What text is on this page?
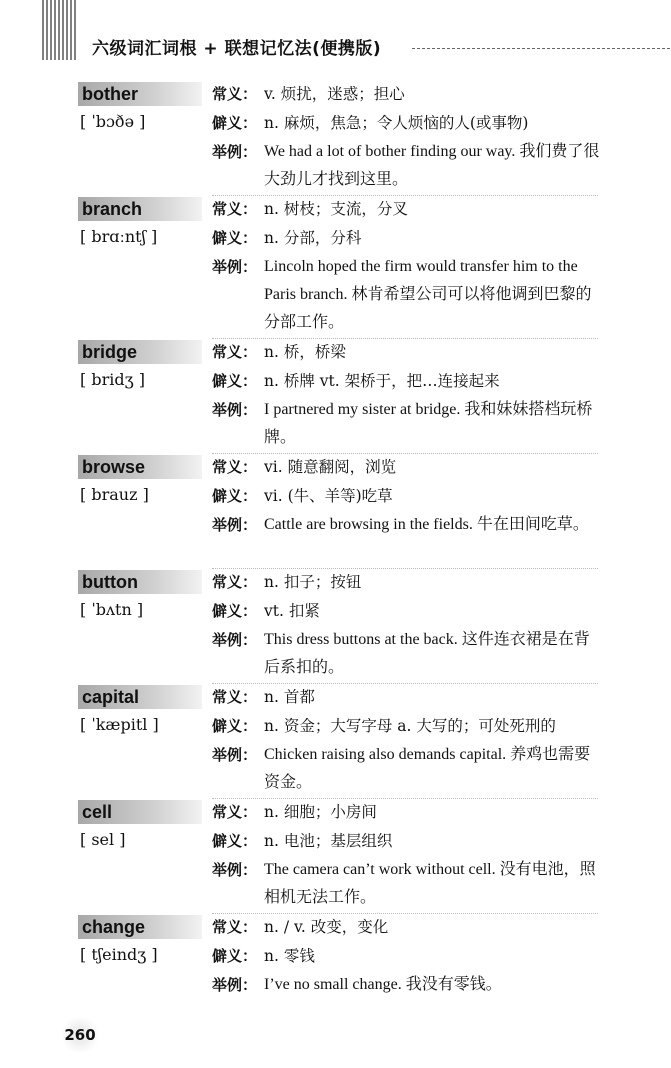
六级词汇词根 + 联想记忆法(便携版)
bother
[ ˈbɔðə ]
常义： v. 烦扰，迷惑；担心
僻义： n. 麻烦，焦急；令人烦恼的人(或事物)
举例： We had a lot of bother finding our way. 我们费了很大劲儿才找到这里。
branch
[ brɑːntʃ ]
常义： n. 树枝；支流，分叉
僻义： n. 分部，分科
举例： Lincoln hoped the firm would transfer him to the Paris branch. 林肯希望公司可以将他调到巴黎的分部工作。
bridge
[ bridʒ ]
常义： n. 桥，桥梁
僻义： n. 桥牌 vt. 架桥于，把…连接起来
举例： I partnered my sister at bridge. 我和妹妹搭档玩桥牌。
browse
[ brauz ]
常义： vi. 随意翻阅，浏览
僻义： vi. (牛、羊等)吃草
举例： Cattle are browsing in the fields. 牛在田间吃草。
button
[ ˈbʌtn ]
常义： n. 扣子；按钮
僻义： vt. 扣紧
举例： This dress buttons at the back. 这件连衣裙是在背后系扣的。
capital
[ ˈkæpitl ]
常义： n. 首都
僻义： n. 资金；大写字母 a. 大写的；可处死刑的
举例： Chicken raising also demands capital. 养鸡也需要资金。
cell
[ sel ]
常义： n. 细胞；小房间
僻义： n. 电池；基层组织
举例： The camera can’t work without cell. 没有电池，照相机无法工作。
change
[ tʃeindʒ ]
常义： n. / v. 改变，变化
僻义： n. 零钱
举例： I’ve no small change. 我没有零钱。
260
